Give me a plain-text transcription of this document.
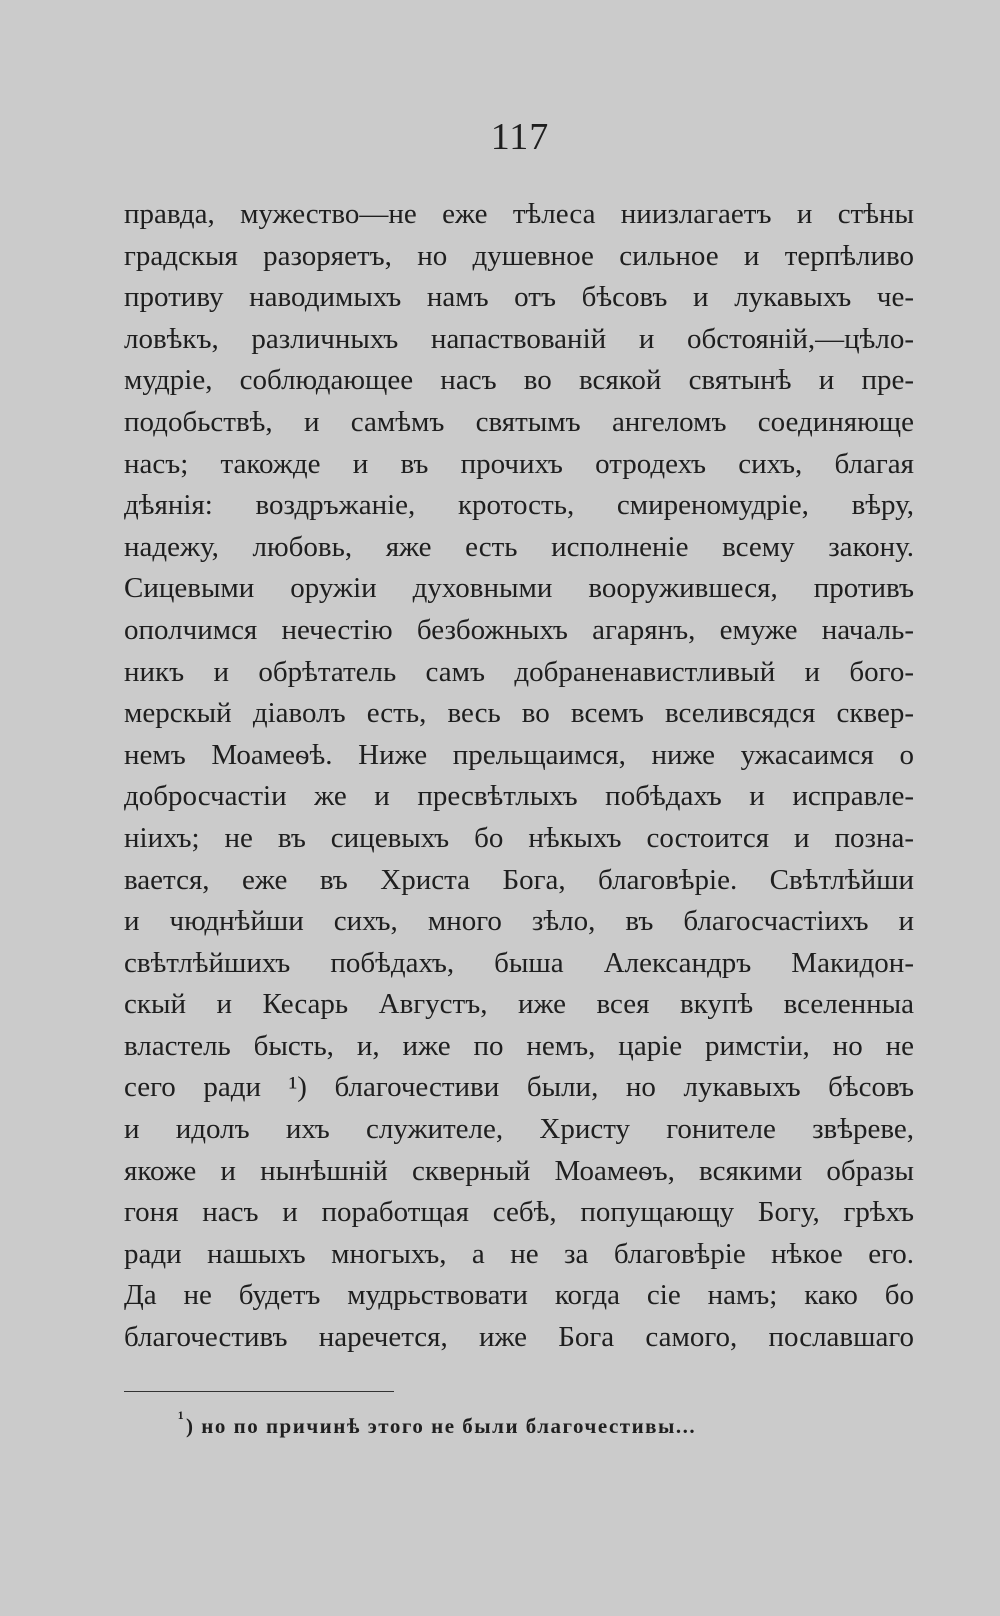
117
правда, мужество—не еже тѣлеса ниизлагаетъ и стѣны
градскыя разоряетъ, но душевное сильное и терпѣливо
противу наводимыхъ намъ отъ бѣсовъ и лукавыхъ че-
ловѣкъ, различныхъ напаствованій и обстояній,—цѣло-
мудріе, соблюдающее насъ во всякой святынѣ и пре-
подобьствѣ, и самѣмъ святымъ ангеломъ соединяюще
насъ; такожде и въ прочихъ отродехъ сихъ, благая
дѣянія: воздръжаніе, кротость, смиреномудріе, вѣру,
надежу, любовь, яже есть исполненіе всему закону.
Сицевыми оружіи духовными вооружившеся, противъ
ополчимся нечестію безбожныхъ агарянъ, емуже началь-
никъ и обрѣтатель самъ добраненавистливый и бого-
мерскый діаволъ есть, весь во всемъ вселивсядся сквер-
немъ Моамеѳѣ. Ниже прельщаимся, ниже ужасаимся о
добросчастіи же и пресвѣтлыхъ побѣдахъ и исправле-
ніихъ; не въ сицевыхъ бо нѣкыхъ состоится и позна-
вается, еже въ Христа Бога, благовѣріе. Свѣтлѣйши
и чюднѣйши сихъ, много зѣло, въ благосчастіихъ и
свѣтлѣйшихъ побѣдахъ, быша Александръ Макидон-
скый и Кесарь Августъ, иже всея вкупѣ вселенныа
властель бысть, и, иже по немъ, царіе римстіи, но не
сего ради ¹) благочестиви были, но лукавыхъ бѣсовъ
и идолъ ихъ служителе, Христу гонителе звѣреве,
якоже и нынѣшній скверный Моамеѳъ, всякими образы
гоня насъ и поработщая себѣ, попущающу Богу, грѣхъ
ради нашыхъ многыхъ, а не за благовѣріе нѣкое его.
Да не будетъ мудрьствовати когда сіе намъ; како бо
благочестивъ наречется, иже Бога самого, пославшаго
¹ ) но по причинѣ этого не были благочестивы...
